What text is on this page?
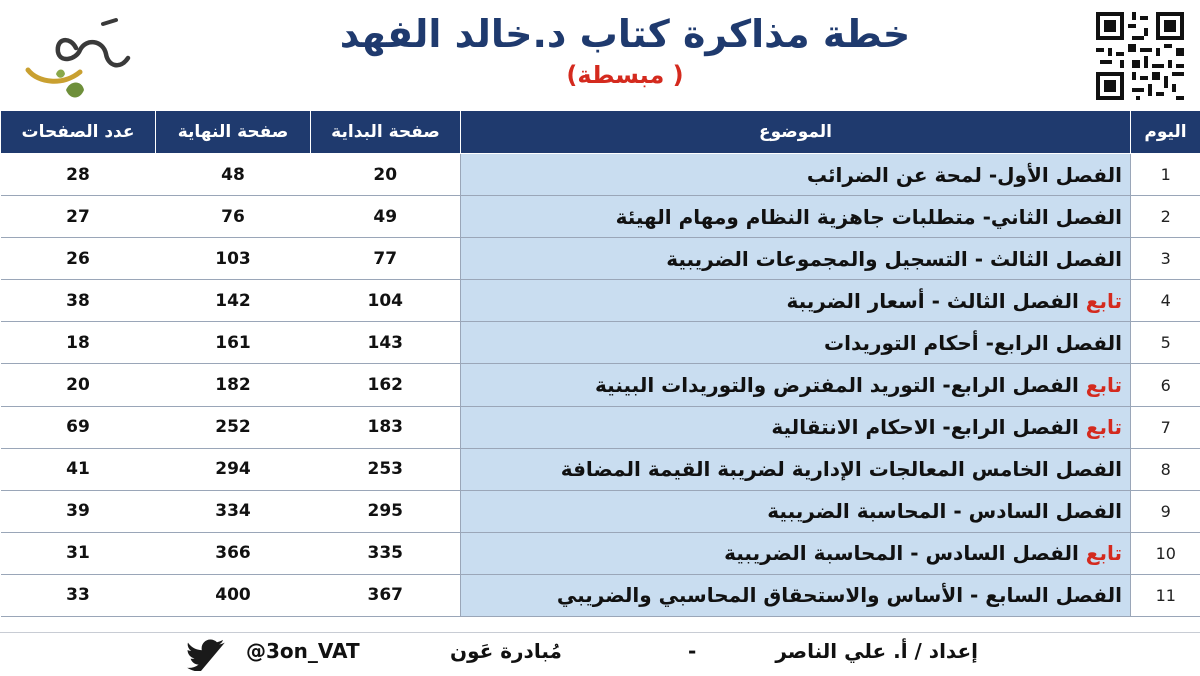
خطة مذاكرة كتاب د.خالد الفهد
( مبسطة)
اليوم	الموضوع	صفحة البداية	صفحة النهاية	عدد الصفحات
1	الفصل الأول- لمحة عن الضرائب	20	48	28
2	الفصل الثاني- متطلبات جاهزية النظام ومهام الهيئة	49	76	27
3	الفصل الثالث - التسجيل والمجموعات الضريبية	77	103	26
4	تابع الفصل الثالث - أسعار الضريبة	104	142	38
5	الفصل الرابع- أحكام التوريدات	143	161	18
6	تابع الفصل الرابع- التوريد المفترض والتوريدات البينية	162	182	20
7	تابع الفصل الرابع- الاحكام الانتقالية	183	252	69
8	الفصل الخامس المعالجات الإدارية لضريبة القيمة المضافة	253	294	41
9	الفصل السادس - المحاسبة الضريبية	295	334	39
10	تابع الفصل السادس - المحاسبة الضريبية	335	366	31
11	الفصل السابع - الأساس والاستحقاق المحاسبي والضريبي	367	400	33
إعداد / أ. علي الناصر
-
مُبادرة عَون
@3on_VAT
